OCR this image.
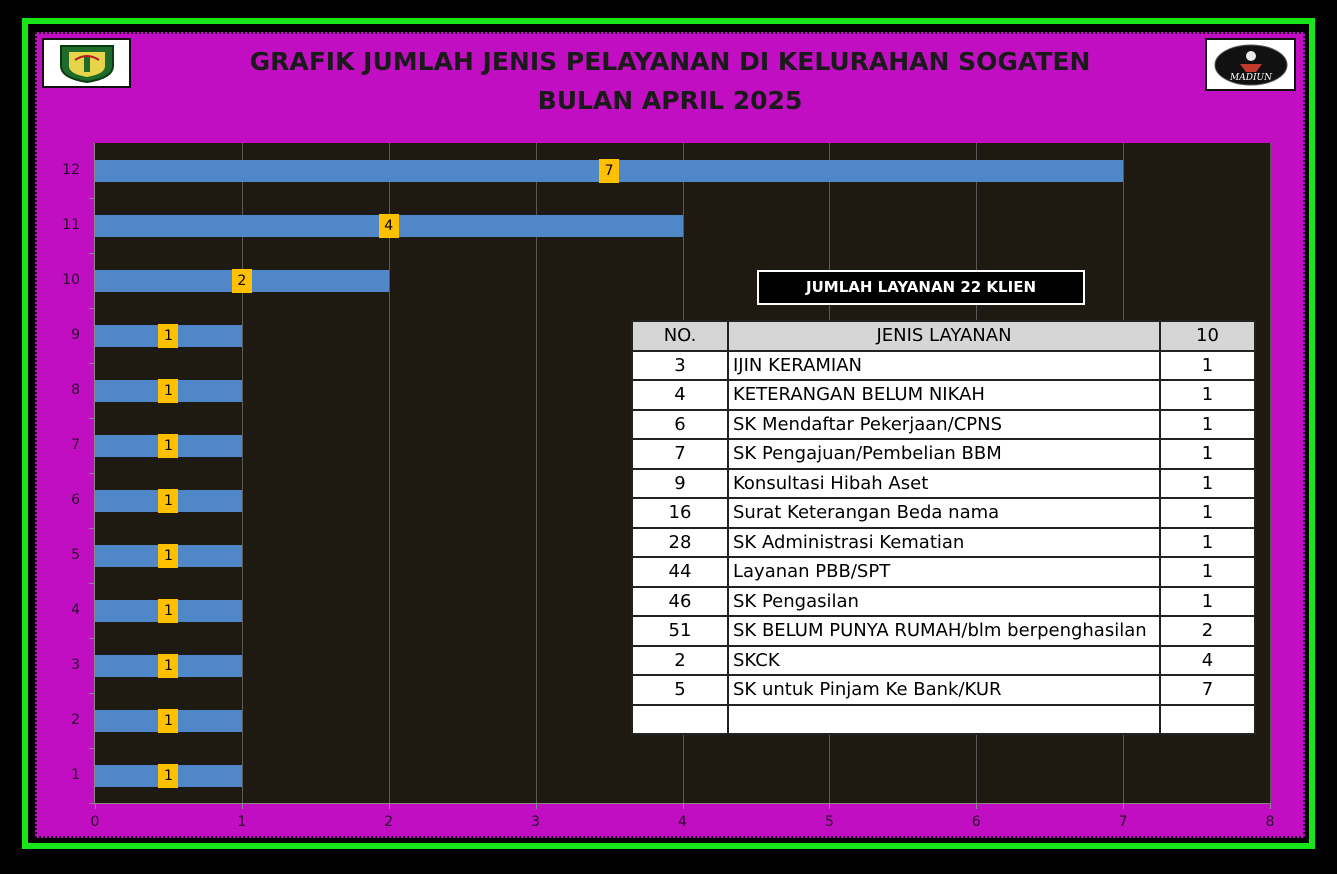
MADIUN
GRAFIK JUMLAH JENIS PELAYANAN DI KELURAHAN SOGATEN
BULAN APRIL 2025
1
1
1
1
1
1
1
1
1
2
4
7
1
2
3
4
5
6
7
8
9
10
11
12
0	1	2	3	4	5	6	7	8
JUMLAH LAYANAN 22 KLIEN
NO.	JENIS LAYANAN	10
3	IJIN KERAMIAN	1
4	KETERANGAN BELUM NIKAH	1
6	SK Mendaftar Pekerjaan/CPNS	1
7	SK Pengajuan/Pembelian BBM	1
9	Konsultasi Hibah Aset	1
16	Surat Keterangan Beda nama	1
28	SK Administrasi Kematian	1
44	Layanan PBB/SPT	1
46	SK Pengasilan	1
51	SK BELUM PUNYA RUMAH/blm berpenghasilan	2
2	SKCK	4
5	SK untuk Pinjam Ke Bank/KUR	7
